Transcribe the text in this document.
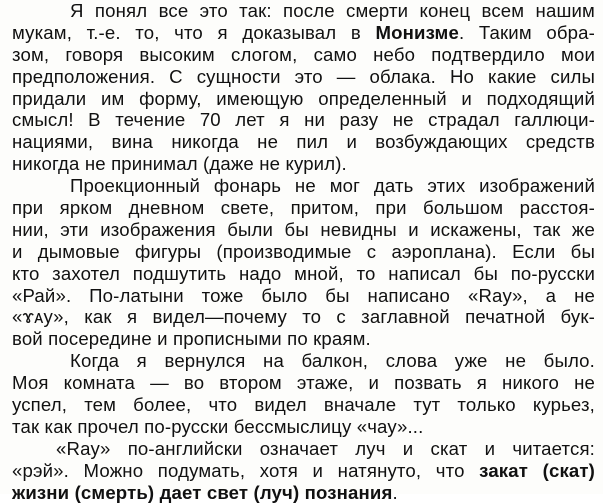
Я понял все это так: после смерти конец всем нашим
мукам, т.-е. то, что я доказывал в Монизме. Таким обра-
зом, говоря высоким слогом, само небо подтвердило мои
предположения. С сущности это — облака. Но какие силы
придали им форму, имеющую определенный и подходящий
смысл! В течение 70 лет я ни разу не страдал галлюци-
нациями, вина никогда не пил и возбуждающих средств
никогда не принимал (даже не курил).
Проекционный фонарь не мог дать этих изображений
при ярком дневном свете, притом, при большом расстоя-
нии, эти изображения были бы невидны и искажены, так же
и дымовые фигуры (производимые с аэроплана). Если бы
кто захотел подшутить надо мной, то написал бы по-русски
«Рай». По-латыни тоже было бы написано «Ray», а не
«ɤᴀу», как я видел—почему то с заглавной печатной бук-
вой посередине и прописными по краям.
Когда я вернулся на балкон, слова уже не было.
Моя комната — во втором этаже, и позвать я никого не
успел, тем более, что видел вначале тут только курьез,
так как прочел по-русски бессмыслицу «чау»...
«Ray» по-английски означает луч и скат и читается:
«рэй». Можно подумать, хотя и натянуто, что закат (скат)
жизни (смерть) дает свет (луч) познания.
